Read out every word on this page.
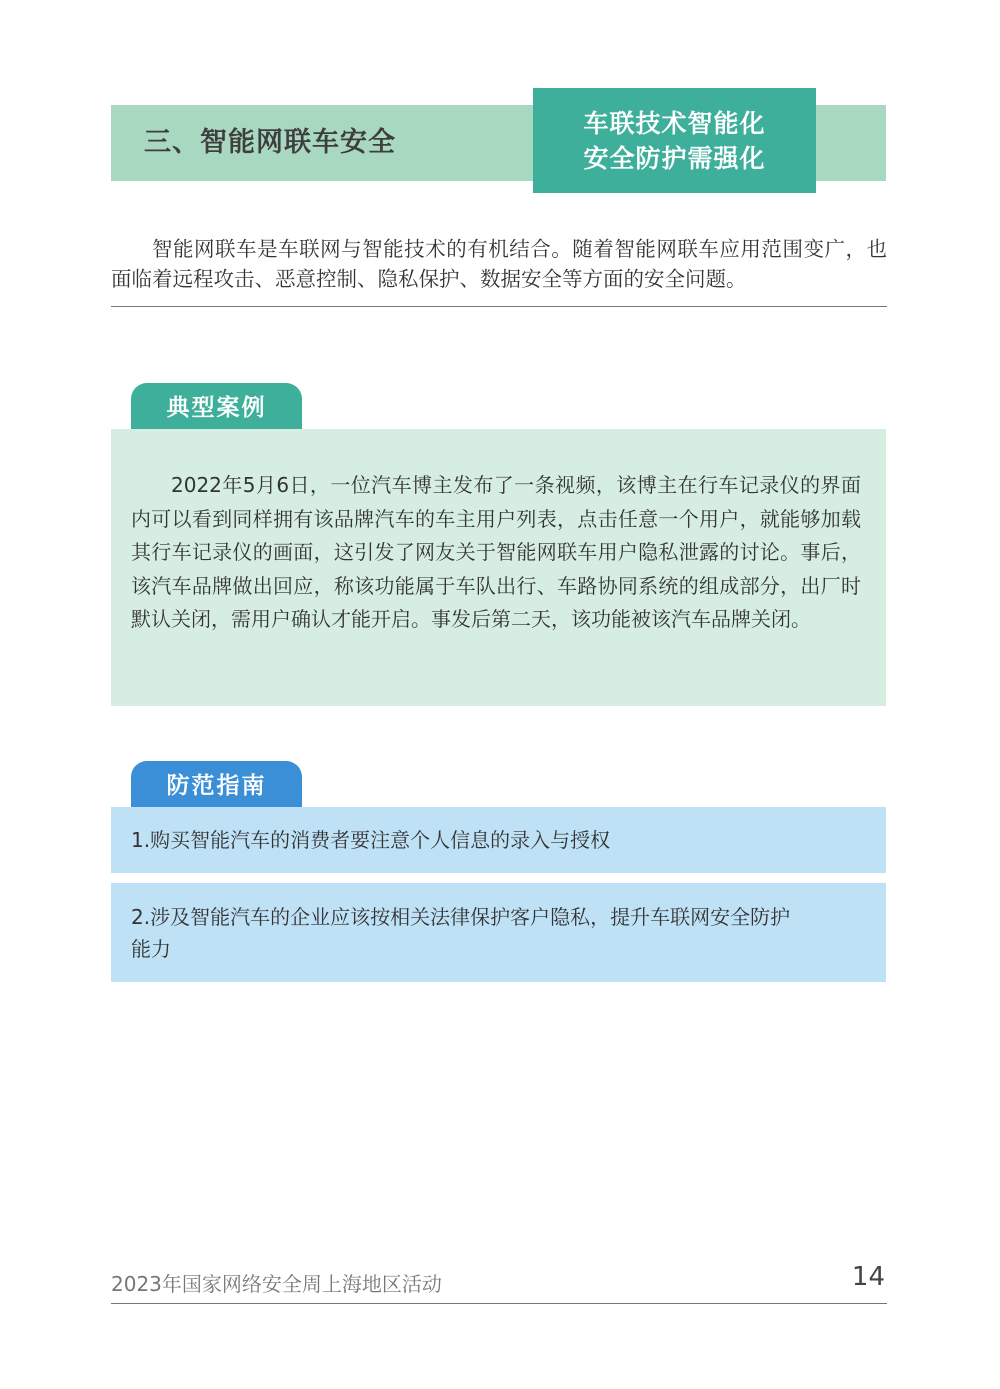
三、智能网联车安全
车联技术智能化
安全防护需强化

智能网联车是车联网与智能技术的有机结合。随着智能网联车应用范围变广，也面临着远程攻击、恶意控制、隐私保护、数据安全等方面的安全问题。

典型案例

2022年5月6日，一位汽车博主发布了一条视频，该博主在行车记录仪的界面内可以看到同样拥有该品牌汽车的车主用户列表，点击任意一个用户，就能够加载其行车记录仪的画面，这引发了网友关于智能网联车用户隐私泄露的讨论。事后，该汽车品牌做出回应，称该功能属于车队出行、车路协同系统的组成部分，出厂时默认关闭，需用户确认才能开启。事发后第二天，该功能被该汽车品牌关闭。

防范指南
1.购买智能汽车的消费者要注意个人信息的录入与授权
2.涉及智能汽车的企业应该按相关法律保护客户隐私，提升车联网安全防护能力
2023年国家网络安全周上海地区活动	14
